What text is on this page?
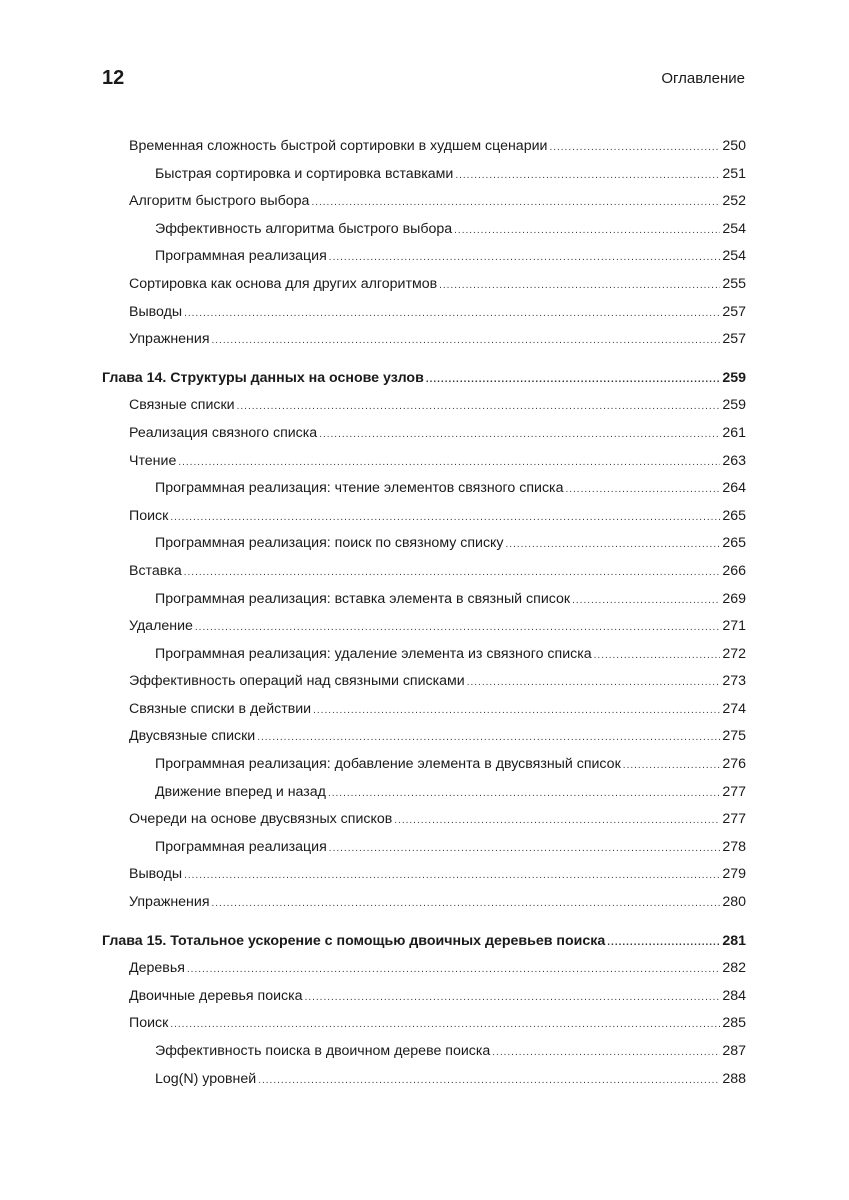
12	Оглавление
Временная сложность быстрой сортировки в худшем сценарии .....	250
Быстрая сортировка и сортировка вставками .....	251
Алгоритм быстрого выбора .....	252
Эффективность алгоритма быстрого выбора .....	254
Программная реализация .....	254
Сортировка как основа для других алгоритмов .....	255
Выводы .....	257
Упражнения .....	257
Глава 14. Структуры данных на основе узлов .....	259
Связные списки .....	259
Реализация связного списка .....	261
Чтение .....	263
Программная реализация: чтение элементов связного списка .....	264
Поиск .....	265
Программная реализация: поиск по связному списку .....	265
Вставка .....	266
Программная реализация: вставка элемента в связный список .....	269
Удаление .....	271
Программная реализация: удаление элемента из связного списка .....	272
Эффективность операций над связными списками .....	273
Связные списки в действии .....	274
Двусвязные списки .....	275
Программная реализация: добавление элемента в двусвязный список .....	276
Движение вперед и назад .....	277
Очереди на основе двусвязных списков .....	277
Программная реализация .....	278
Выводы .....	279
Упражнения .....	280
Глава 15. Тотальное ускорение с помощью двоичных деревьев поиска .....	281
Деревья .....	282
Двоичные деревья поиска .....	284
Поиск .....	285
Эффективность поиска в двоичном дереве поиска .....	287
Log(N) уровней .....	288
